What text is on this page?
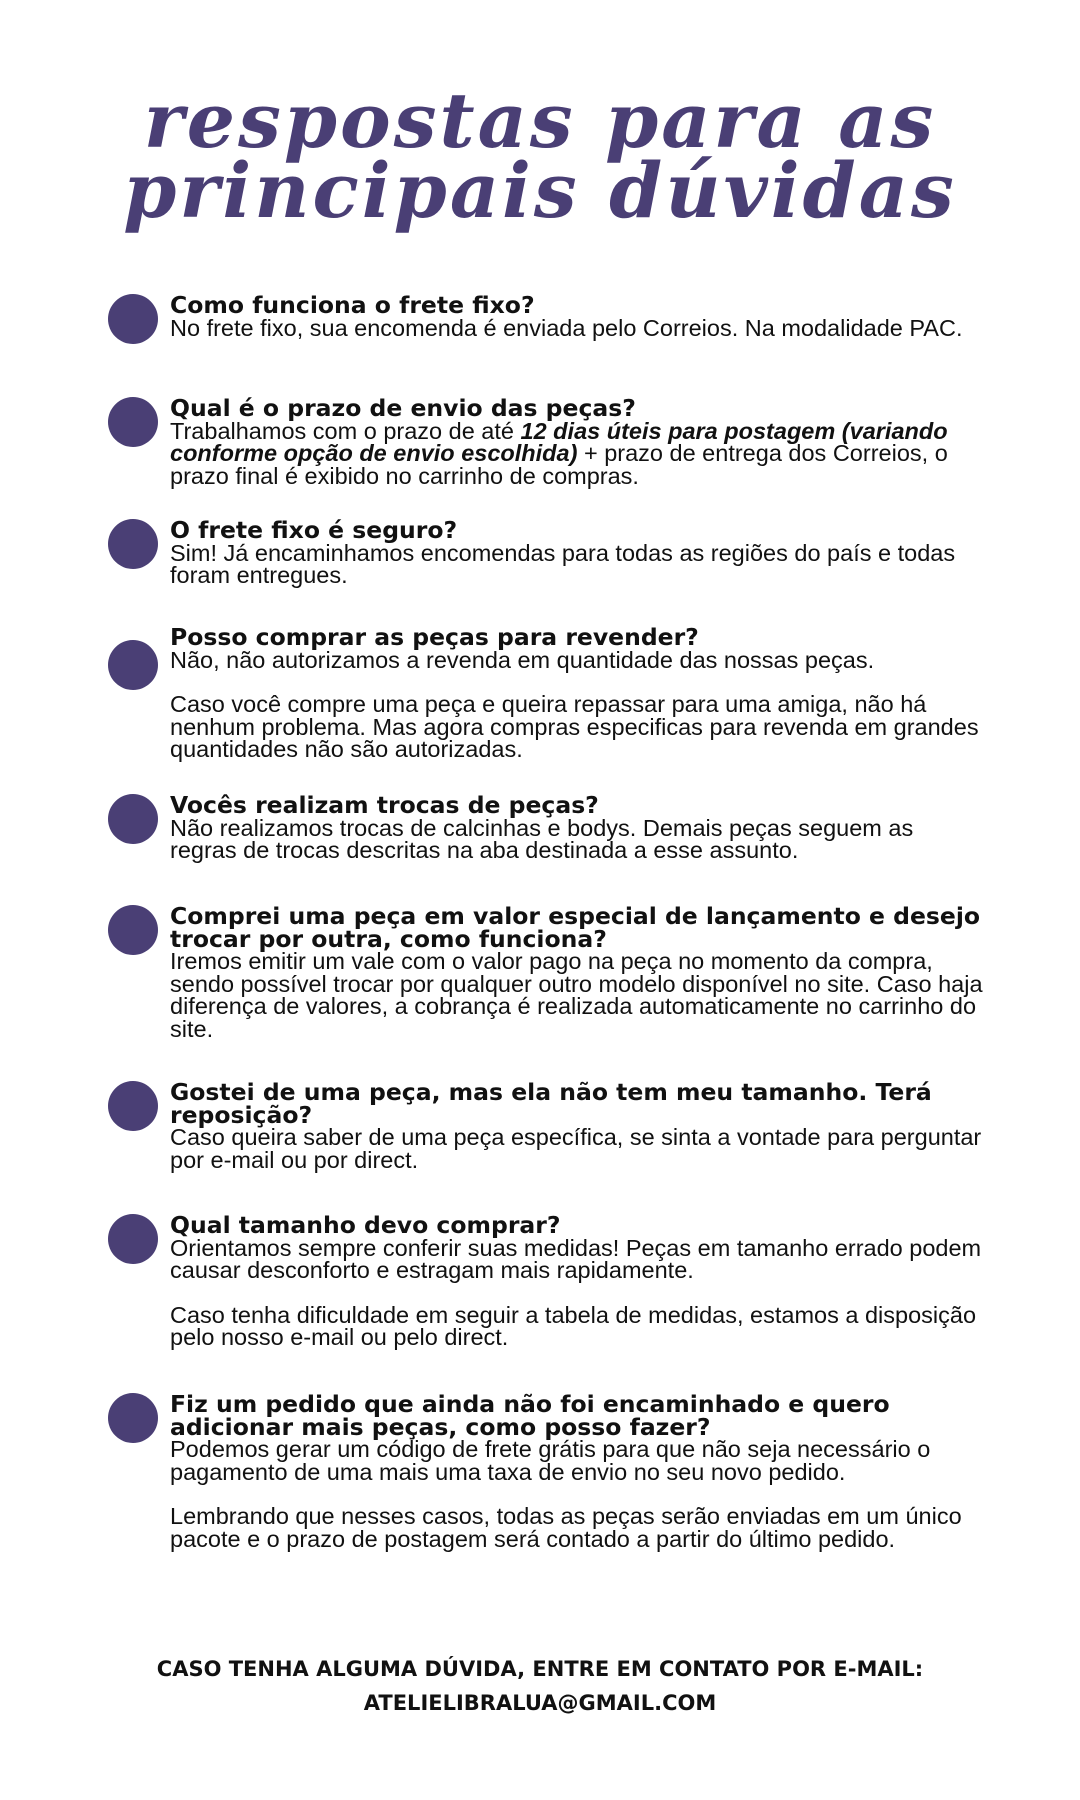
respostas para as
principais dúvidas
Como funciona o frete fixo?

No frete fixo, sua encomenda é enviada pelo Correios. Na modalidade PAC.

Qual é o prazo de envio das peças?

Trabalhamos com o prazo de até 12 dias úteis para postagem (variando conforme opção de envio escolhida) + prazo de entrega dos Correios, o prazo final é exibido no carrinho de compras.

O frete fixo é seguro?

Sim! Já encaminhamos encomendas para todas as regiões do país e todas foram entregues.

Posso comprar as peças para revender?

Não, não autorizamos a revenda em quantidade das nossas peças.

Caso você compre uma peça e queira repassar para uma amiga, não há nenhum problema. Mas agora compras especificas para revenda em grandes quantidades não são autorizadas.

Vocês realizam trocas de peças?

Não realizamos trocas de calcinhas e bodys. Demais peças seguem as regras de trocas descritas na aba destinada a esse assunto.

Comprei uma peça em valor especial de lançamento e desejo trocar por outra, como funciona?

Iremos emitir um vale com o valor pago na peça no momento da compra, sendo possível trocar por qualquer outro modelo disponível no site. Caso haja diferença de valores, a cobrança é realizada automaticamente no carrinho do site.

Gostei de uma peça, mas ela não tem meu tamanho. Terá reposição?

Caso queira saber de uma peça específica, se sinta a vontade para perguntar por e-mail ou por direct.

Qual tamanho devo comprar?

Orientamos sempre conferir suas medidas! Peças em tamanho errado podem causar desconforto e estragam mais rapidamente.

Caso tenha dificuldade em seguir a tabela de medidas, estamos a disposição pelo nosso e-mail ou pelo direct.

Fiz um pedido que ainda não foi encaminhado e quero adicionar mais peças, como posso fazer?

Podemos gerar um código de frete grátis para que não seja necessário o pagamento de uma mais uma taxa de envio no seu novo pedido.

Lembrando que nesses casos, todas as peças serão enviadas em um único pacote e o prazo de postagem será contado a partir do último pedido.

CASO TENHA ALGUMA DÚVIDA, ENTRE EM CONTATO POR E-MAIL:
ATELIELIBRALUA@GMAIL.COM
